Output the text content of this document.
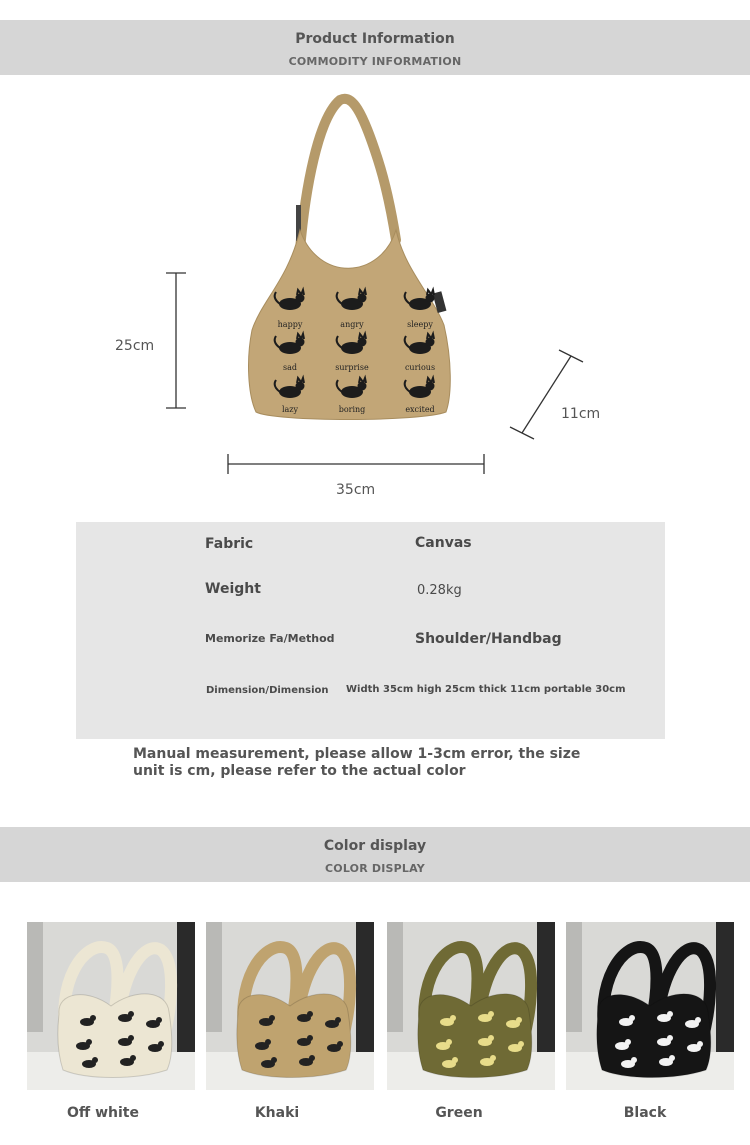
Product Information
COMMODITY INFORMATION
happy	angry	sleepy
sad	surprise	curious
lazy	boring	excited
25cm
11cm
35cm
Fabric	Canvas
Weight	0.28kg
Memorize Fa/Method	Shoulder/Handbag
Dimension/Dimension Width 35cm high 25cm thick 11cm portable 30cm
Manual measurement, please allow 1-3cm error, the size unit is cm, please refer to the actual color
Color display
COLOR DISPLAY
Off white	Khaki	Green	Black
